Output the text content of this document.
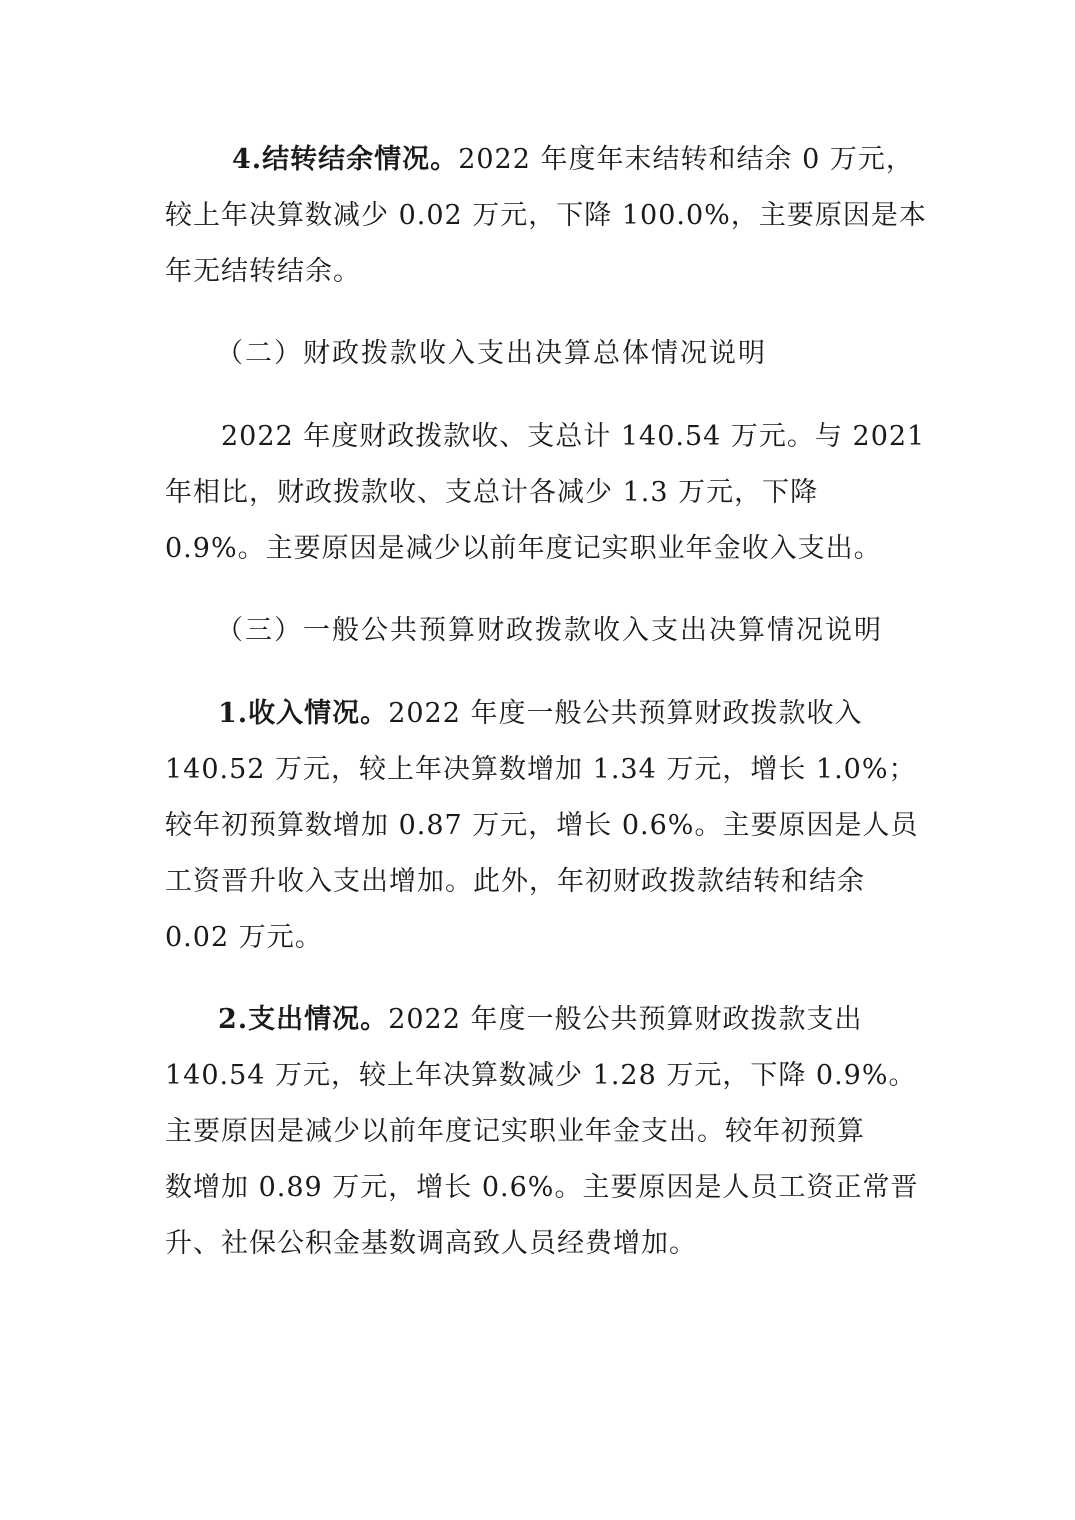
4.结转结余情况。2022 年度年末结转和结余 0 万元，
较上年决算数减少 0.02 万元，下降 100.0%，主要原因是本
年无结转结余。
（二）财政拨款收入支出决算总体情况说明
2022 年度财政拨款收、支总计 140.54 万元。与 2021
年相比，财政拨款收、支总计各减少 1.3 万元，下降
0.9%。主要原因是减少以前年度记实职业年金收入支出。
（三）一般公共预算财政拨款收入支出决算情况说明
1.收入情况。2022 年度一般公共预算财政拨款收入
140.52 万元，较上年决算数增加 1.34 万元，增长 1.0%；
较年初预算数增加 0.87 万元，增长 0.6%。主要原因是人员
工资晋升收入支出增加。此外，年初财政拨款结转和结余
0.02 万元。
2.支出情况。2022 年度一般公共预算财政拨款支出
140.54 万元，较上年决算数减少 1.28 万元，下降 0.9%。
主要原因是减少以前年度记实职业年金支出。较年初预算
数增加 0.89 万元，增长 0.6%。主要原因是人员工资正常晋
升、社保公积金基数调高致人员经费增加。
